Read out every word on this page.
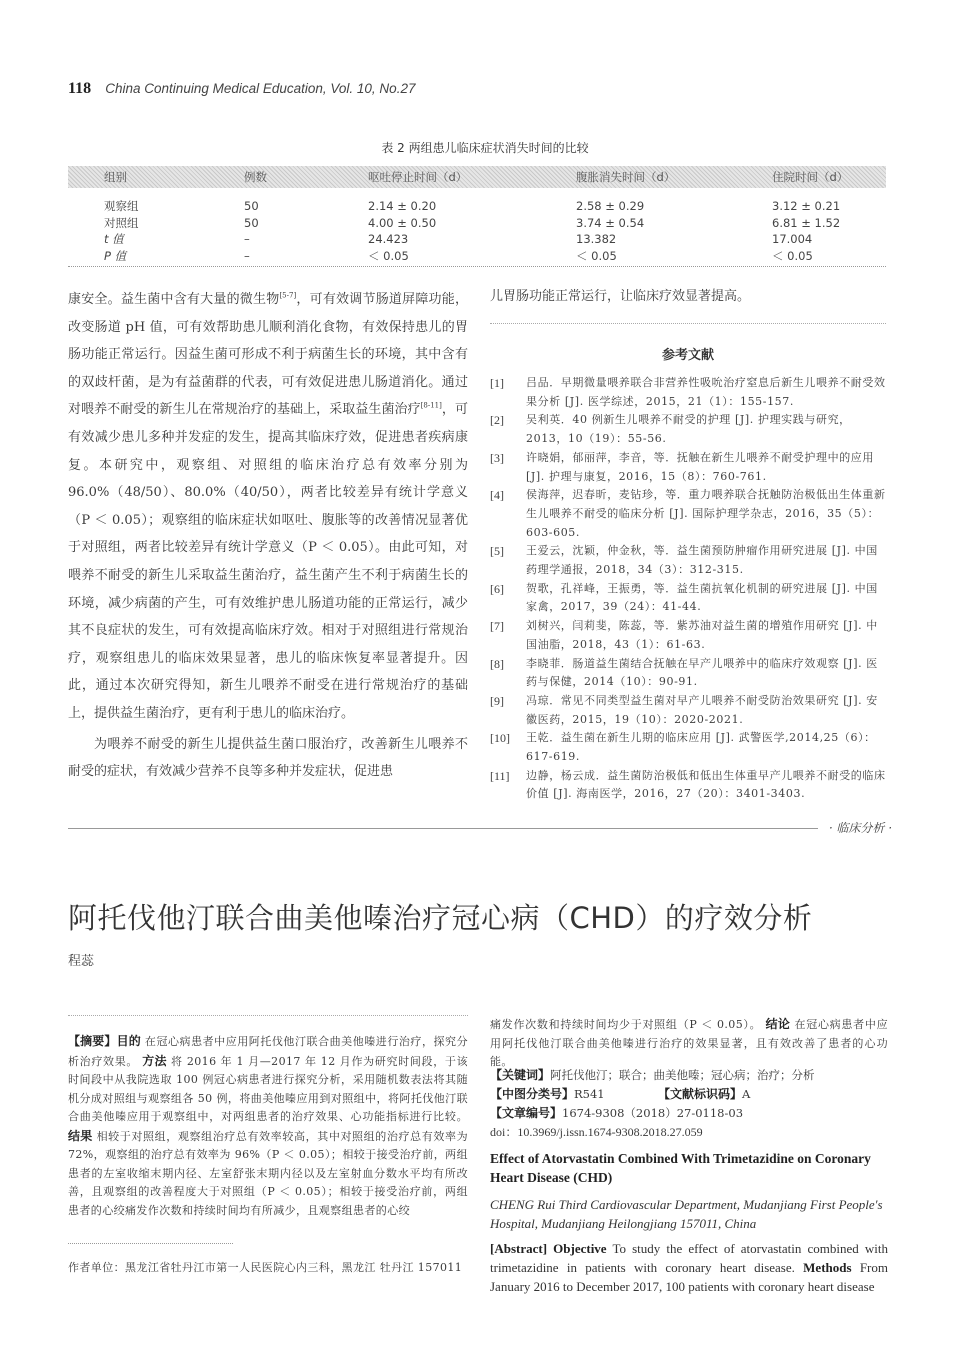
118 China Continuing Medical Education, Vol. 10, No.27
表 2 两组患儿临床症状消失时间的比较
组别	例数	呕吐停止时间（d）	腹胀消失时间（d）	住院时间（d）
观察组	50	2.14 ± 0.20	2.58 ± 0.29	3.12 ± 0.21
对照组	50	4.00 ± 0.50	3.74 ± 0.54	6.81 ± 1.52
t 值	–	24.423	13.382	17.004
P 值	–	＜ 0.05	＜ 0.05	＜ 0.05

康安全。益生菌中含有大量的微生物[5-7]，可有效调节肠道屏障功能，改变肠道 pH 值，可有效帮助患儿顺利消化食物，有效保持患儿的胃肠功能正常运行。因益生菌可形成不利于病菌生长的环境，其中含有的双歧杆菌，是为有益菌群的代表，可有效促进患儿肠道消化。通过对喂养不耐受的新生儿在常规治疗的基础上，采取益生菌治疗[8-11]，可有效减少患儿多种并发症的发生，提高其临床疗效，促进患者疾病康复。本研究中，观察组、对照组的临床治疗总有效率分别为 96.0%（48/50）、80.0%（40/50），两者比较差异有统计学意义（P ＜ 0.05）；观察组的临床症状如呕吐、腹胀等的改善情况显著优于对照组，两者比较差异有统计学意义（P ＜ 0.05）。由此可知，对喂养不耐受的新生儿采取益生菌治疗，益生菌产生不利于病菌生长的环境，减少病菌的产生，可有效维护患儿肠道功能的正常运行，减少其不良症状的发生，可有效提高临床疗效。相对于对照组进行常规治疗，观察组患儿的临床效果显著，患儿的临床恢复率显著提升。因此，通过本次研究得知，新生儿喂养不耐受在进行常规治疗的基础上，提供益生菌治疗，更有利于患儿的临床治疗。

为喂养不耐受的新生儿提供益生菌口服治疗，改善新生儿喂养不耐受的症状，有效减少营养不良等多种并发症状，促进患

儿胃肠功能正常运行，让临床疗效显著提高。
参考文献
[1]	吕品．早期微量喂养联合非营养性吸吮治疗窒息后新生儿喂养不耐受效果分析 [J]. 医学综述，2015，21（1）：155-157.
[2]	吴利英．40 例新生儿喂养不耐受的护理 [J]. 护理实践与研究，2013，10（19）：55-56.
[3]	许晓娟，郁丽萍，李音，等．抚触在新生儿喂养不耐受护理中的应用 [J]. 护理与康复，2016，15（8）：760-761.
[4]	侯海萍，迟春昕，麦钻珍，等．重力喂养联合抚触防治极低出生体重新生儿喂养不耐受的临床分析 [J]. 国际护理学杂志，2016，35（5）：603-605.
[5]	王爱云，沈颖，仲金秋，等．益生菌预防肿瘤作用研究进展 [J]. 中国药理学通报，2018，34（3）：312-315.
[6]	贺歌，孔祥峰，王振勇，等．益生菌抗氧化机制的研究进展 [J]. 中国家禽，2017，39（24）：41-44.
[7]	刘树兴，闫莉斐，陈蕊，等．紫苏油对益生菌的增殖作用研究 [J]. 中国油脂，2018，43（1）：61-63.
[8]	李晓菲．肠道益生菌结合抚触在早产儿喂养中的临床疗效观察 [J]. 医药与保健，2014（10）：90-91.
[9]	冯琼．常见不同类型益生菌对早产儿喂养不耐受防治效果研究 [J]. 安徽医药，2015，19（10）：2020-2021.
[10]	王乾．益生菌在新生儿期的临床应用 [J]. 武警医学,2014,25（6）：617-619.
[11]	边静，杨云成．益生菌防治极低和低出生体重早产儿喂养不耐受的临床价值 [J]. 海南医学，2016，27（20）：3401-3403.
· 临床分析 ·
阿托伐他汀联合曲美他嗪治疗冠心病（CHD）的疗效分析
程蕊
【摘要】目的 在冠心病患者中应用阿托伐他汀联合曲美他嗪进行治疗，探究分析治疗效果。 方法 将 2016 年 1 月—2017 年 12 月作为研究时间段，于该时间段中从我院选取 100 例冠心病患者进行探究分析，采用随机数表法将其随机分成对照组与观察组各 50 例，将曲美他嗪应用到对照组中，将阿托伐他汀联合曲美他嗪应用于观察组中，对两组患者的治疗效果、心功能指标进行比较。 结果 相较于对照组，观察组治疗总有效率较高，其中对照组的治疗总有效率为 72%，观察组的治疗总有效率为 96%（P ＜ 0.05）；相较于接受治疗前，两组患者的左室收缩末期内径、左室舒张末期内径以及左室射血分数水平均有所改善，且观察组的改善程度大于对照组（P ＜ 0.05）；相较于接受治疗前，两组患者的心绞痛发作次数和持续时间均有所减少，且观察组患者的心绞
作者单位：黑龙江省牡丹江市第一人民医院心内三科，黑龙江 牡丹江 157011
痛发作次数和持续时间均少于对照组（P ＜ 0.05）。 结论 在冠心病患者中应用阿托伐他汀联合曲美他嗪进行治疗的效果显著，且有效改善了患者的心功能。
【关键词】阿托伐他汀；联合；曲美他嗪；冠心病；治疗；分析
【中图分类号】R541	【文献标识码】A
【文章编号】1674-9308（2018）27-0118-03
doi：10.3969/j.issn.1674-9308.2018.27.059
Effect of Atorvastatin Combined With Trimetazidine on Coronary Heart Disease (CHD)
CHENG Rui Third Cardiovascular Department, Mudanjiang First People's Hospital, Mudanjiang Heilongjiang 157011, China
[Abstract] Objective To study the effect of atorvastatin combined with trimetazidine in patients with coronary heart disease. Methods From January 2016 to December 2017, 100 patients with coronary heart disease
